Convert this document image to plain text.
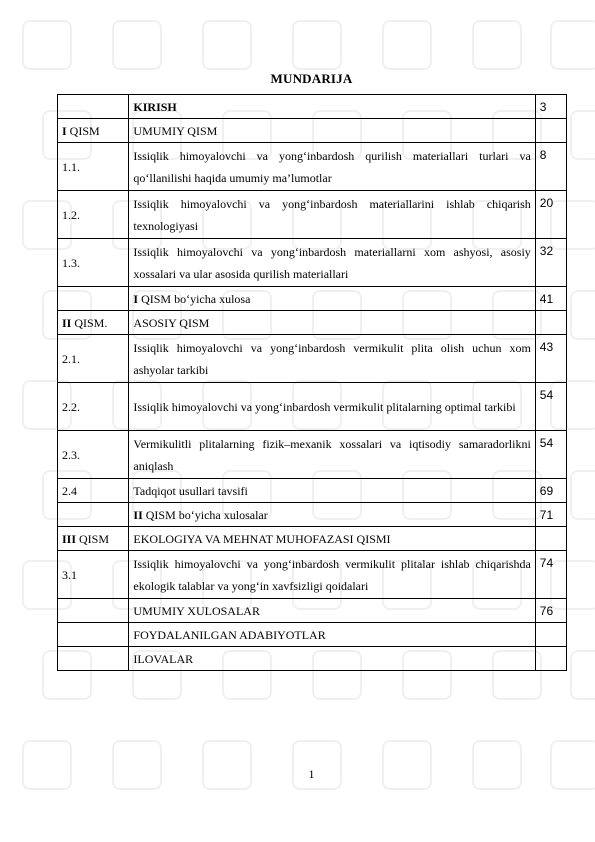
MUNDARIJA
	KIRISH	3
I QISM	UMUMIY QISM	
1.1.	Issiqlik himoyalovchi va yong‘inbardosh qurilish materiallari turlari va qo‘llanilishi haqida umumiy ma’lumotlar	8
1.2.	Issiqlik himoyalovchi va yong‘inbardosh materiallarini ishlab chiqarish texnologiyasi	20
1.3.	Issiqlik himoyalovchi va yong‘inbardosh materiallarni xom ashyosi, asosiy xossalari va ular asosida qurilish materiallari	32
	I QISM bo‘yicha xulosa	41
II QISM.	ASOSIY QISM	
2.1.	Issiqlik himoyalovchi va yong‘inbardosh vermikulit plita olish uchun xom ashyolar tarkibi	43
2.2.	Issiqlik himoyalovchi va yong‘inbardosh vermikulit plitalarning optimal tarkibi	54
2.3.	Vermikulitli plitalarning fizik–mexanik xossalari va iqtisodiy samaradorlikni aniqlash	54
2.4	Tadqiqot usullari tavsifi	69
	II QISM bo‘yicha xulosalar	71
III QISM	EKOLOGIYA VA MEHNAT MUHOFAZASI QISMI	
3.1	Issiqlik himoyalovchi va yong‘inbardosh vermikulit plitalar ishlab chiqarishda ekologik talablar va yong‘in xavfsizligi qoidalari	74
	UMUMIY XULOSALAR	76
	FOYDALANILGAN ADABIYOTLAR	
	ILOVALAR	
1
